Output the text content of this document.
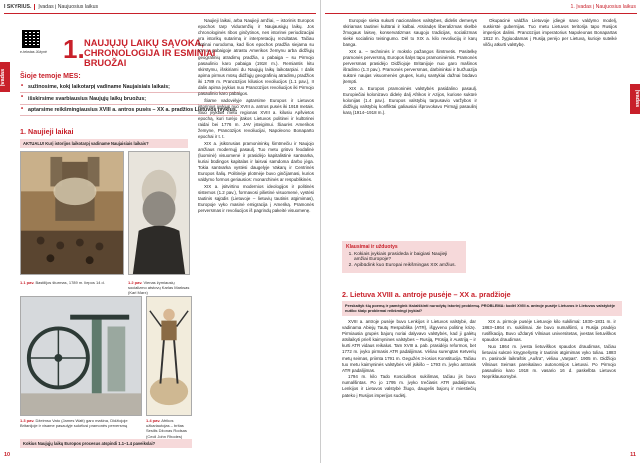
I SKYRIUS. Įvadas į Naujuosius laikus
Įvadas
e-tekstas Jūžynė 1. NAUJŲJŲ LAIKŲ SĄVOKA, CHRONOLOGIJA IR ESMINIAI BRUOŽAI
Šioje temoje MES:
• sužinosime, kokį laikotarpį vadiname Naujaisiais laikais;
• išskirsime svarbiausius Naujųjų laikų bruožus;
• aptarsime reikšmingiausius XVIII a. antros pusės – XX a. pradžios Lietuvos įvykius.
1. Naujieji laikai
AKTUALU! Kurį istorijos laikotarpį vadiname Naujaisiais laikais?
1.1 pav. Bastilijos šturmas, 1789 m. liepos 14 d.	1.2 pav. Vienas žymiausių socializmo atstovų Karlas Marksas (Karl Marx)
1.3 pav. Džeimso Vato (James Watt) garo mašina, Didžiojoje Britanijoje ir visame pasaulyje sukėlusi pramonės perversmą
1.4 pav. Afrikos užkariautojas – britas Sesilis Džonas Rodsas (Cecil John Rhodes)
Kokius Naujųjų laikų Europos procesus atspindi 1.1–1.4 paveikslai?

Naujieji laikai, arba Naujieji amžiai, – istorinis Europos epochos tarp Viduramžių ir Naujausiųjų laikų. Jos chronologinės ribos ginčytinos, nes istorinei periodizacijai yra istorikų sutarimą ir interpretacijų rezultatas. Tačiau būtinai nurodoma, kad šios epochos pradžia siejama su XV a. pabaigoje atrastu Amerikos žemynu arba didžiųjų geografinių atradimų pradžia, o pabaiga – su Pirmojo pasaulinio karo pabaiga (1918 m.). Remiantis kitu skirstymu, išskiriami du Naujųjų laikų laikotarpiai. I dalis apima pirmus mūsų didžiųjų geografinių atradimų pradžios iki 1789 m. Prancūzijos kilusios revoliucijos (1.1 pav.), II dalis apima įvykius nuo Prancūzijos revoliucijos iki Pirmojo pasaulinio karo pabaigos.

Šiame vadovėlyje aptarsime Europos ir Lietuvos istorinius įvykius nuo XVIII a. antros pusės iki 1918 metais. Šiuo įvykiais metu regionas XVIII a. kilusiu Apšvietos epochą, kuri turėjo įtakos Lietuvos politinei ir kultūrinei raidai bei 1776 m. JAV įsteigimui. Šiaurės Amerikos žemyne, Prancūzijos revoliucijai, Napoleono Bonaparto epochai ir t. t.

XIX a. įsikūrusias pramonininkų šimtmečiu ir Naujojo amžiaus modernųjį pasaulį. Tuo metu griūvo feodalinė (luominė) visuomenė ir prasidėjo kapitalistinė santvarka, kuriai būdingos kapitalas ir laisvai samdoma darbo jėga. Tokia santvarka vystėsi daugelyje Vakarų ir Centrinės Europos šalių. Politinėje plotmėje buvo ginčijamasi, kurios valdymo formos geriausios: monarchinės ar respublikinės.

XIX a. įsitvirtino modernios ideologijos ir politinės sistemos (1.2 pav.), formavosi pilietinė visuomenė, vystėsi tautinis sąjūdis (Lietuvoje – lietuvių tautinis atgimimas), Europoje vyko masinė emigracija į Ameriką. Pramonės perversmas ir revoliucijos iš pagrindų pakeitė visuomenę.

10
1. Įvadas į Naujuosius laikus
Įvadas

Europoje sieka sukurti nacionalines valstybes, didelis demesys skiriamas tautinei kultūrai ir kalbai. Atsiradęs liberalizmas skelbė žmogaus laisvę, konservatizmas saugojo tradicijas, socializmas siekė socialinio teisingumo. Dėl to XIX a. kilo revoliucijų ir karų banga.

XIX a. – techninės ir mokslo pažangos šimtmetis. Pasitelkę pramonės perversmą, Europos šalys tapo pramoninėmis. Pramonės perversmas prasidėjo Didžiojoje Britanijoje nuo garo mašinos išradimo (1.3 pav.). Pramonės perversmas, darbininkai ir buržuazija sukūrė naujas visuomenės grupes, kurių santykiai dažnai būdavo įtempti.

XIX a. Europos pramoninės valstybės pasidalino pasaulį. Europiečiai kolonizavo didelę dalį Afrikos ir Azijos, kuriose sukūrė kolonijas (1.4 pav.). Europos valstybių tarpusavio varžybos ir didžiųjų valstybių konfliktai galiausiai išprovokavo Pirmąjį pasaulinį karą (1914–1918 m.).

Okupacinė valdžia Lietuvoje įdiegė savo valdymo modelį, suskirstė gubernijas. Tuo metu Lietuvos teritorija tapo Rusijos imperijos dalimi. Prancūzijos imperatorius Napoleonas Bonapartas 1812 m. žygiuodamas į Rusiją perėjo per Lietuvą, kurioje suteikė vilčių atkurti valstybę.

11
Klausimai ir užduotys
1. Kokiais įvykiais prasideda ir baigiasi Naujieji amžiai Europoje?
2. Apibūdink kuo Europai reikšmingas XIX amžius.
2. Lietuva XVIII a. antroje pusėje – XX a. pradžioje
Perskaityk šią poemą ir pamėgink išsiaiškinti nurodytų istorinį problemą. PROBLEMA: kodėl XVIII a. antroje pusėje Lietuvos ir Lietuvos valstybėje nutiko šiaip problemai reikšmingi įvykiai?

XVIII a. antroje pusėje buvo Lenkijos ir Lietuvos valstybė, dar vadinama Abiejų Tautų Respublika (ATR), išgyveno politinę krizę. Pirmiausia grupės bajorų noriai dalyvavo valstybės, kad ji galėtų atsilaikyti prieš kaimynines valstybes – Rusiją, Prūsiją ir Austriją – ir kurti ATR vidaus reikalus. Tam XVIII a. pab. prasidėjo reformos, bet 1772 m. įvyko pirmasis ATR padalijimas. Vėliau surengtas Ketverių metų seimas, priimta 1791 m. Gegužės 3-iosios Konstitucija. Tačiau tuo metu kaimyninės valstybės vėl įsikišo – 1793 m. įvyko antrasis ATR padalijimas.

1794 m. kilo Tado Kosciuškos sukilimas, tačiau jis buvo numalšintas. Po jo 1795 m. įvyko trečiasis ATR padalijimas. Lenkijos ir Lietuvos valstybė žlugo, daugelis bajorų ir miestiečių pateko į Rusijos imperijos sudėtį.

XIX a. pirmoje pusėje Lietuvoje kilo sukilimai: 1830–1831 m. ir 1863–1864 m. sukilimai. Jie buvo numalšinti, o Rusija pradėjo rusifikaciją. Buvo uždaryti Vilniaus universitetas, įvestas lietuviškos spaudos draudimas.

Nuo 1864 m. įvesta lietuviškos spaudos draudimas, tačiau lietuviai sukūrė knygnešystę ir tautinis atgimimas vyko toliau. 1883 m. pasirodė laikraštis „Aušra“, vėliau „Varpas“. 1905 m. Didžiojo Vilniaus Seimas pareikalavo autonomijos Lietuvai. Po Pirmojo pasaulinio karo 1918 m. vasario 16 d. paskelbta Lietuvos Nepriklausomybė.
